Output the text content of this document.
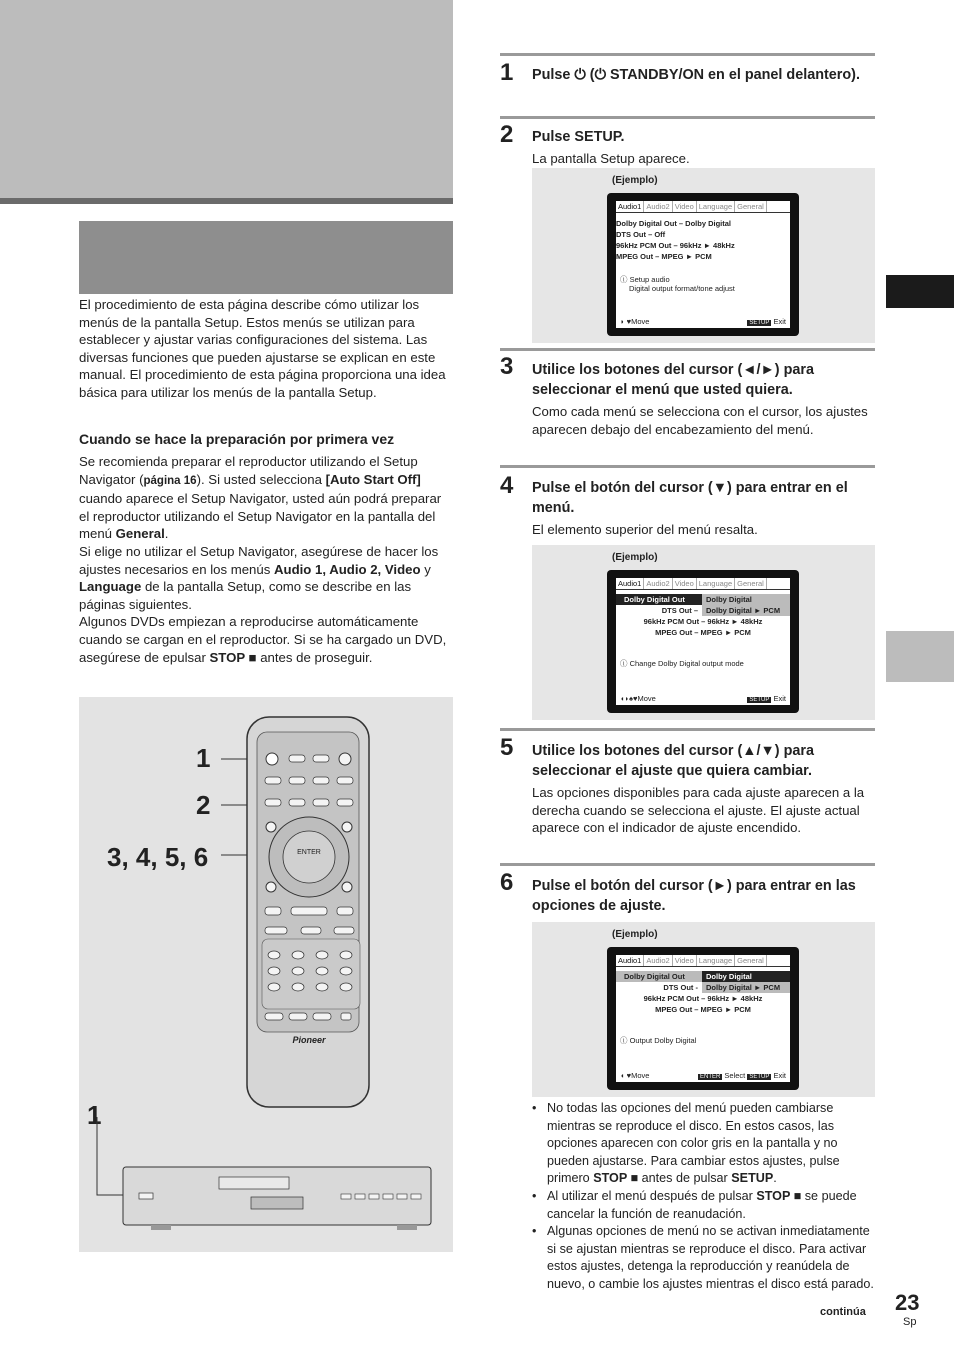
El procedimiento de esta página describe cómo utilizar los menús de la pantalla Setup. Estos menús se utilizan para establecer y ajustar varias configuraciones del sistema. Las diversas funciones que pueden ajustarse se explican en este manual. El procedimiento de esta página proporciona una idea básica para utilizar los menús de la pantalla Setup.

Cuando se hace la preparación por primera vez
Se recomienda preparar el reproductor utilizando el Setup Navigator (página 16). Si usted selecciona [Auto Start Off] cuando aparece el Setup Navigator, usted aún podrá preparar el reproductor utilizando el Setup Navigator en la pantalla del menú General.
Si elige no utilizar el Setup Navigator, asegúrese de hacer los ajustes necesarios en los menús Audio 1, Audio 2, Video y Language de la pantalla Setup, como se describe en las páginas siguientes.
Algunos DVDs empiezan a reproducirse automáticamente cuando se cargan en el reproductor. Si se ha cargado un DVD, asegúrese de epulsar STOP ■ antes de proseguir.
1
2
3, 4, 5, 6
1
ENTER
Pioneer
1 Pulse ⏻ (⏻ STANDBY/ON en el panel delantero).
2 Pulse SETUP.
La pantalla Setup aparece.
(Ejemplo)
Audio1 Audio2 Video Language General
Dolby Digital Out – Dolby Digital
DTS Out – Off
96kHz PCM Out – 96kHz ► 48kHz
MPEG Out – MPEG ► PCM
ⓘ Setup audio
Digital output format/tone adjust
◗ ♥Move	SETUP Exit
3 Utilice los botones del cursor (◄/►) para seleccionar el menú que usted quiera.
Como cada menú se selecciona con el cursor, los ajustes aparecen debajo del encabezamiento del menú.
4 Pulse el botón del cursor (▼) para entrar en el menú.
El elemento superior del menú resalta.
(Ejemplo)
Audio1 Audio2 Video Language General
Dolby Digital Out	Dolby Digital
DTS Out –	Dolby Digital ► PCM
96kHz PCM Out – 96kHz ► 48kHz
MPEG Out – MPEG ► PCM
ⓘ Change Dolby Digital output mode
◖◗♠♥Move	SETUP Exit
5 Utilice los botones del cursor (▲/▼) para seleccionar el ajuste que quiera cambiar.
Las opciones disponibles para cada ajuste aparecen a la derecha cuando se selecciona el ajuste. El ajuste actual aparece con el indicador de ajuste encendido.
6 Pulse el botón del cursor (►) para entrar en las opciones de ajuste.
(Ejemplo)
Audio1 Audio2 Video Language General
Dolby Digital Out	Dolby Digital
DTS Out -	Dolby Digital ► PCM
96kHz PCM Out – 96kHz ► 48kHz
MPEG Out – MPEG ► PCM
ⓘ Output Dolby Digital
◖ ♥Move	ENTER Select SETUP Exit
• No todas las opciones del menú pueden cambiarse mientras se reproduce el disco. En estos casos, las opciones aparecen con color gris en la pantalla y no pueden ajustarse. Para cambiar estos ajustes, pulse primero STOP ■ antes de pulsar SETUP.
• Al utilizar el menú después de pulsar STOP ■ se puede cancelar la función de reanudación.
• Algunas opciones de menú no se activan inmediatamente si se ajustan mientras se reproduce el disco. Para activar estos ajustes, detenga la reproducción y reanúdela de nuevo, o cambie los ajustes mientras el disco está parado.
continúa 23
Sp
